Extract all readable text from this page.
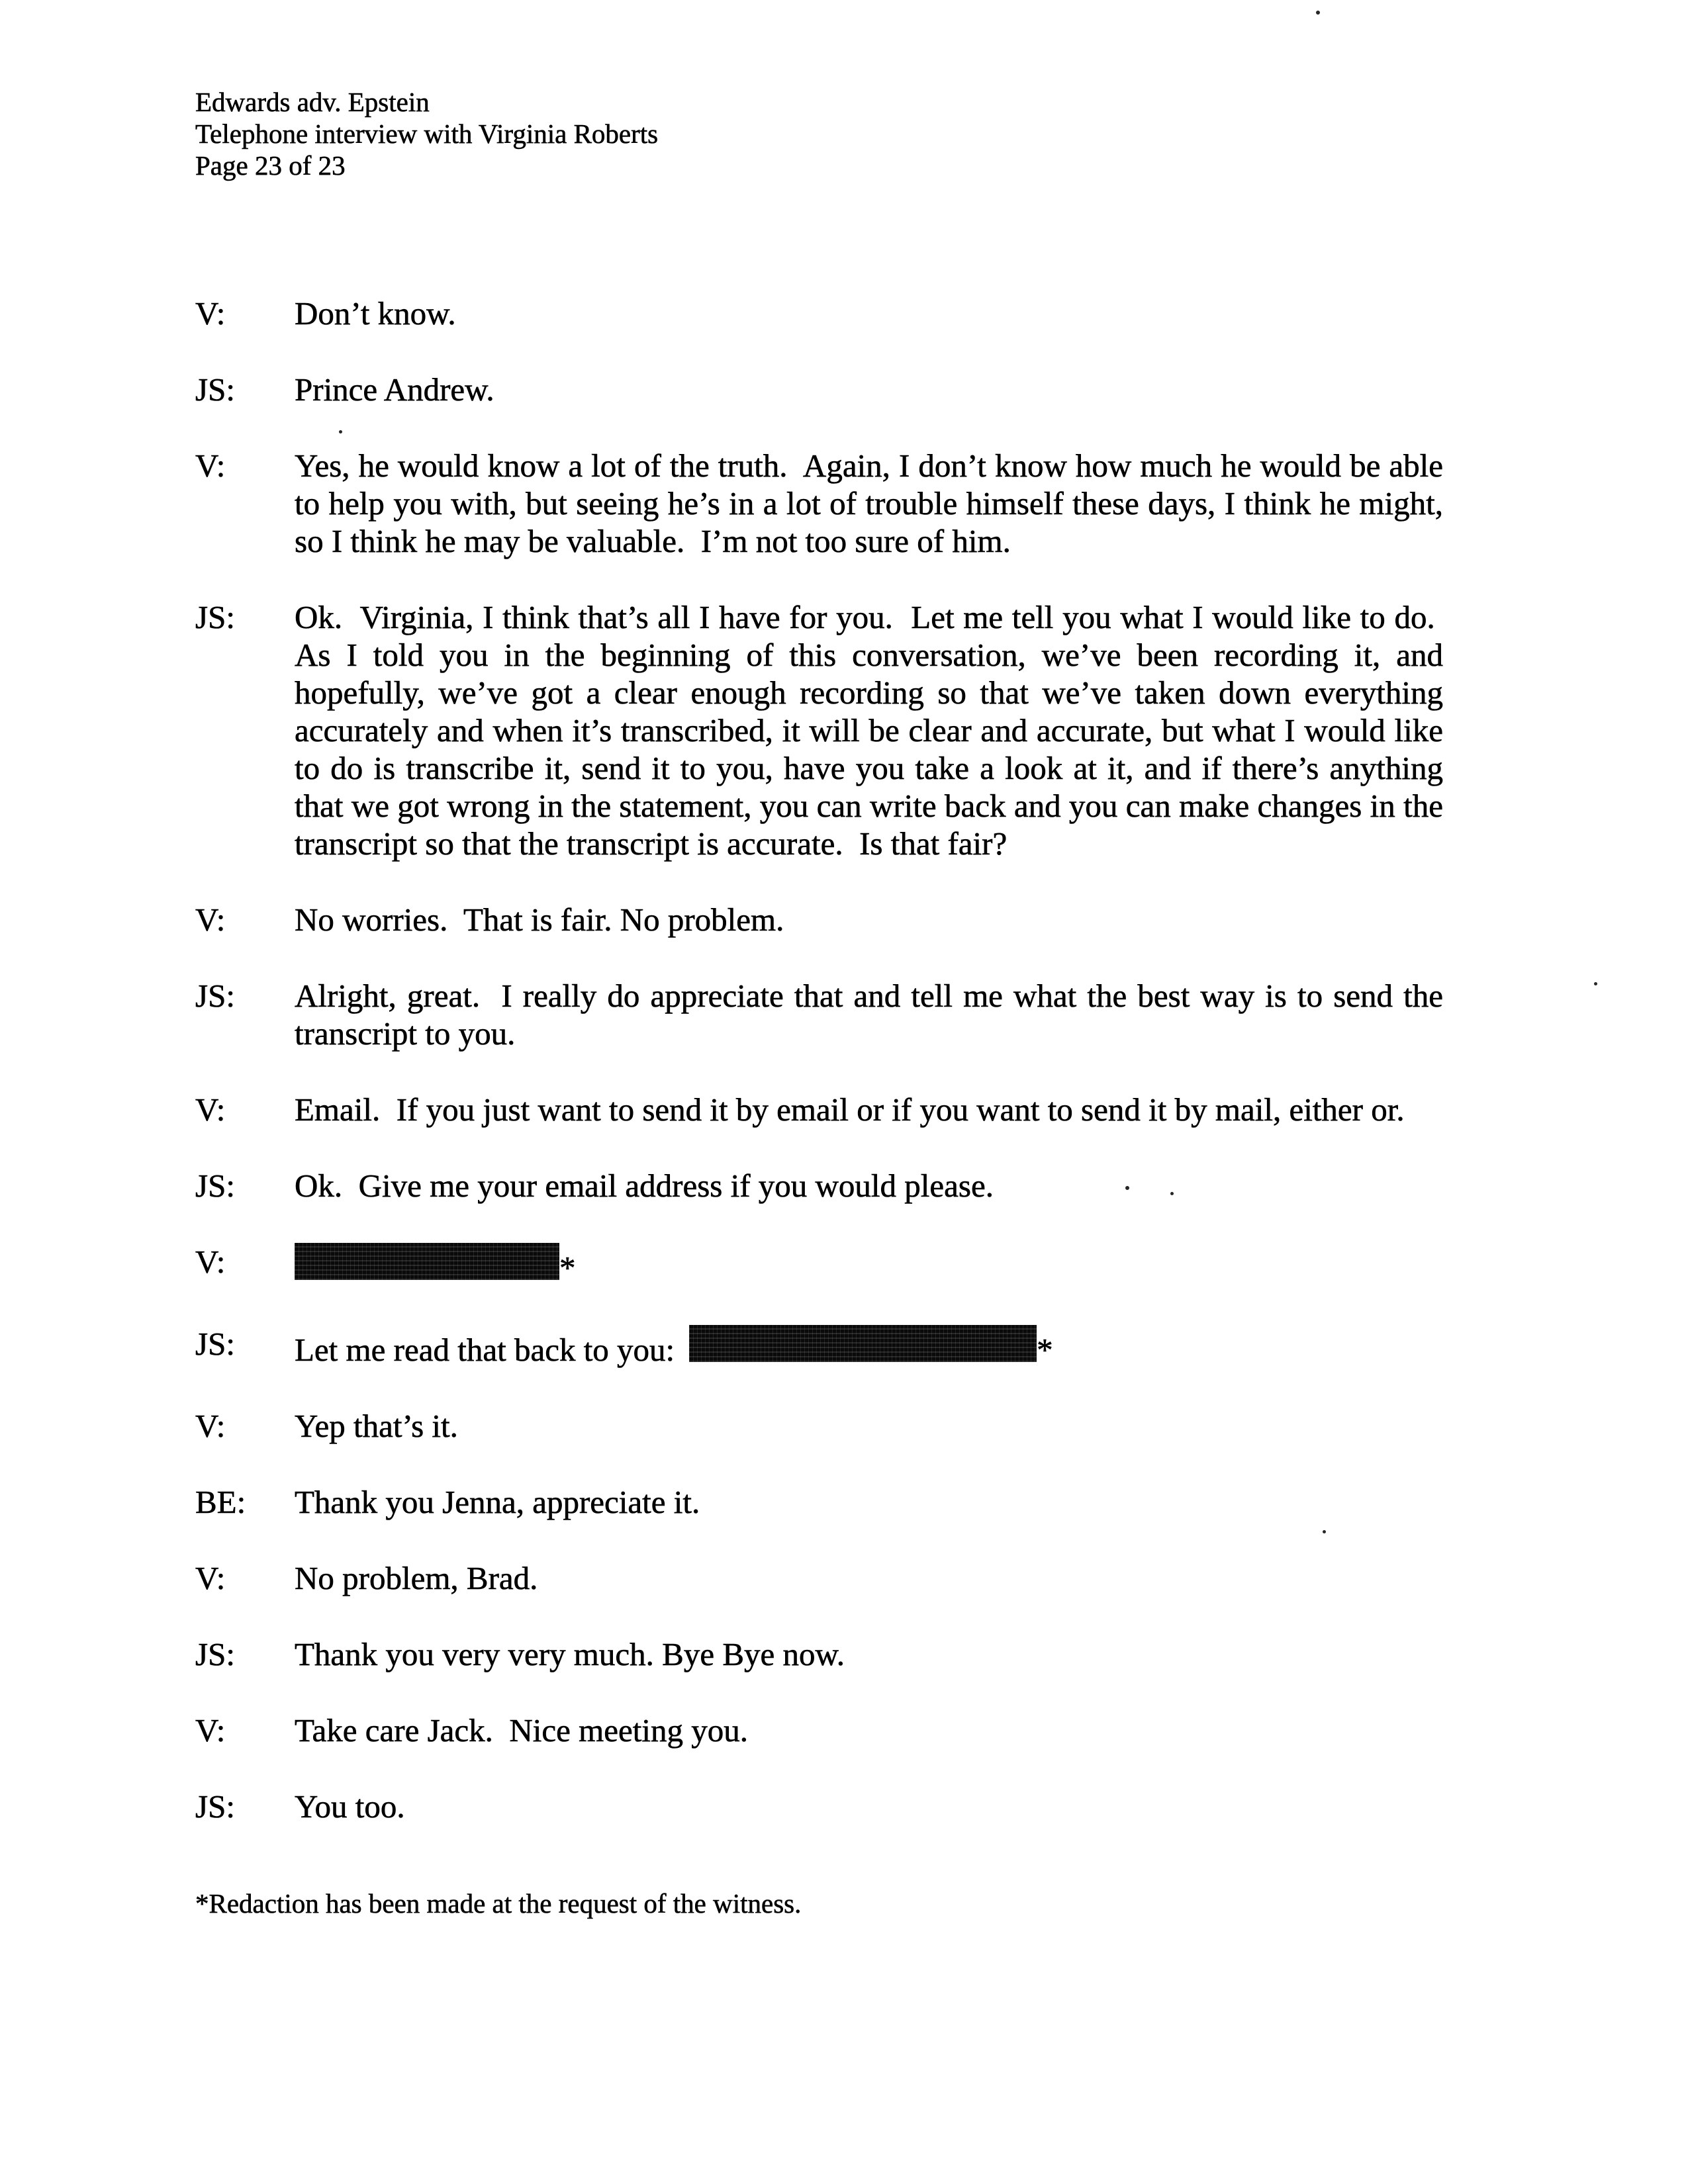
Edwards adv. Epstein
Telephone interview with Virginia Roberts
Page 23 of 23
V:	Don’t know.
JS:	Prince Andrew.
V:	Yes, he would know a lot of the truth.  Again, I don’t know how much he would be able to help you with, but seeing he’s in a lot of trouble himself these days, I think he might, so I think he may be valuable.  I’m not too sure of him.
JS:	Ok.  Virginia, I think that’s all I have for you.  Let me tell you what I would like to do.  As I told you in the beginning of this conversation, we’ve been recording it, and hopefully, we’ve got a clear enough recording so that we’ve taken down everything accurately and when it’s transcribed, it will be clear and accurate, but what I would like to do is transcribe it, send it to you, have you take a look at it, and if there’s anything that we got wrong in the statement, you can write back and you can make changes in the transcript so that the transcript is accurate.  Is that fair?
V:	No worries.  That is fair. No problem.
JS:	Alright, great.  I really do appreciate that and tell me what the best way is to send the transcript to you.
V:	Email.  If you just want to send it by email or if you want to send it by mail, either or.
JS:	Ok.  Give me your email address if you would please.
V:	*
JS:	Let me read that back to you:	*
V:	Yep that’s it.
BE:	Thank you Jenna, appreciate it.
V:	No problem, Brad.
JS:	Thank you very very much. Bye Bye now.
V:	Take care Jack.  Nice meeting you.
JS:	You too.
*Redaction has been made at the request of the witness.
